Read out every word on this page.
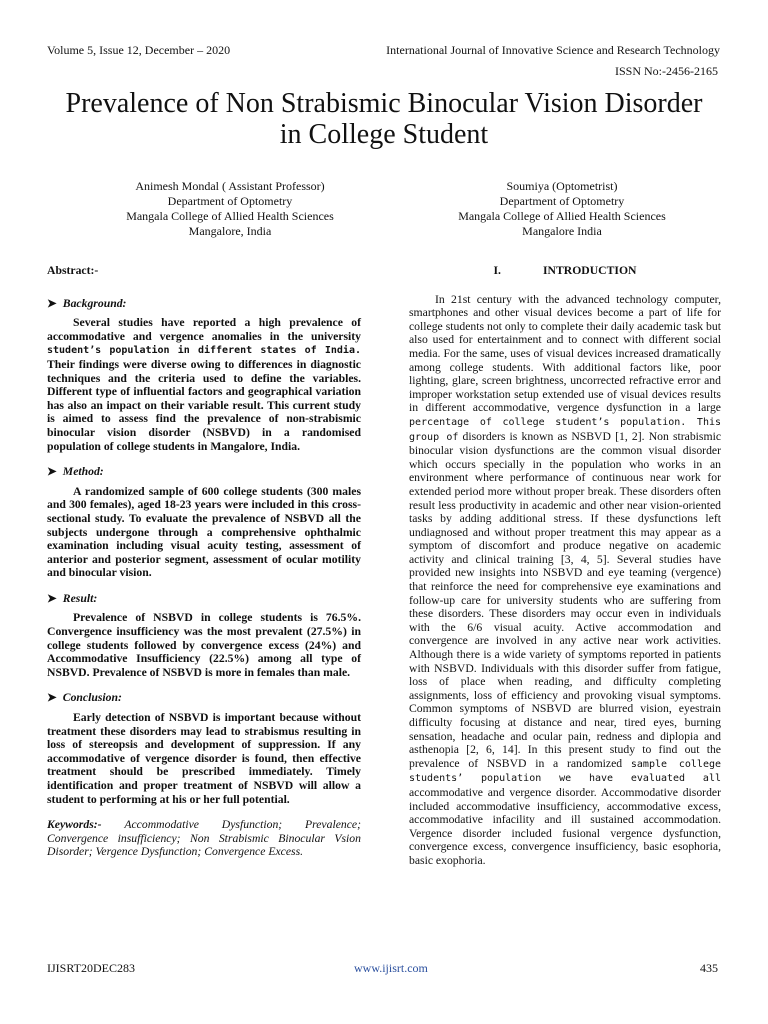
Volume 5, Issue 12, December – 2020	International Journal of Innovative Science and Research Technology
ISSN No:-2456-2165
Prevalence of Non Strabismic Binocular Vision Disorder in College Student
Animesh Mondal ( Assistant Professor)
Department of Optometry
Mangala College of Allied Health Sciences
Mangalore, India
Soumiya (Optometrist)
Department of Optometry
Mangala College of Allied Health Sciences
Mangalore India

Abstract:-

➤ Background:

Several studies have reported a high prevalence of accommodative and vergence anomalies in the university student’s population in different states of India. Their findings were diverse owing to differences in diagnostic techniques and the criteria used to define the variables. Different type of influential factors and geographical variation has also an impact on their variable result. This current study is aimed to assess find the prevalence of non-strabismic binocular vision disorder (NSBVD) in a randomised population of college students in Mangalore, India.

➤ Method:

A randomized sample of 600 college students (300 males and 300 females), aged 18-23 years were included in this cross-sectional study. To evaluate the prevalence of NSBVD all the subjects undergone through a comprehensive ophthalmic examination including visual acuity testing, assessment of anterior and posterior segment, assessment of ocular motility and binocular vision.

➤ Result:

Prevalence of NSBVD in college students is 76.5%. Convergence insufficiency was the most prevalent (27.5%) in college students followed by convergence excess (24%) and Accommodative Insufficiency (22.5%) among all type of NSBVD. Prevalence of NSBVD is more in females than male.

➤ Conclusion:

Early detection of NSBVD is important because without treatment these disorders may lead to strabismus resulting in loss of stereopsis and development of suppression. If any accommodative of vergence disorder is found, then effective treatment should be prescribed immediately. Timely identification and proper treatment of NSBVD will allow a student to performing at his or her full potential.

Keywords:- Accommodative Dysfunction; Prevalence; Convergence insufficiency; Non Strabismic Binocular Vsion Disorder; Vergence Dysfunction; Convergence Excess.

I.	INTRODUCTION

In 21st century with the advanced technology computer, smartphones and other visual devices become a part of life for college students not only to complete their daily academic task but also used for entertainment and to connect with different social media. For the same, uses of visual devices increased dramatically among college students. With additional factors like, poor lighting, glare, screen brightness, uncorrected refractive error and improper workstation setup extended use of visual devices results in different accommodative, vergence dysfunction in a large percentage of college student’s population. This group of disorders is known as NSBVD [1, 2]. Non strabismic binocular vision dysfunctions are the common visual disorder which occurs specially in the population who works in an environment where performance of continuous near work for extended period more without proper break. These disorders often result less productivity in academic and other near vision-oriented tasks by adding additional stress. If these dysfunctions left undiagnosed and without proper treatment this may appear as a symptom of discomfort and produce negative on academic activity and clinical training [3, 4, 5]. Several studies have provided new insights into NSBVD and eye teaming (vergence) that reinforce the need for comprehensive eye examinations and follow-up care for university students who are suffering from these disorders. These disorders may occur even in individuals with the 6/6 visual acuity. Active accommodation and convergence are involved in any active near work activities. Although there is a wide variety of symptoms reported in patients with NSBVD. Individuals with this disorder suffer from fatigue, loss of place when reading, and difficulty completing assignments, loss of efficiency and provoking visual symptoms. Common symptoms of NSBVD are blurred vision, eyestrain difficulty focusing at distance and near, tired eyes, burning sensation, headache and ocular pain, redness and diplopia and asthenopia [2, 6, 14]. In this present study to find out the prevalence of NSBVD in a randomized sample college students’ population we have evaluated all accommodative and vergence disorder. Accommodative disorder included accommodative insufficiency, accommodative excess, accommodative infacility and ill sustained accommodation. Vergence disorder included fusional vergence dysfunction, convergence excess, convergence insufficiency, basic esophoria, basic exophoria.

IJISRT20DEC283	www.ijisrt.com	435
